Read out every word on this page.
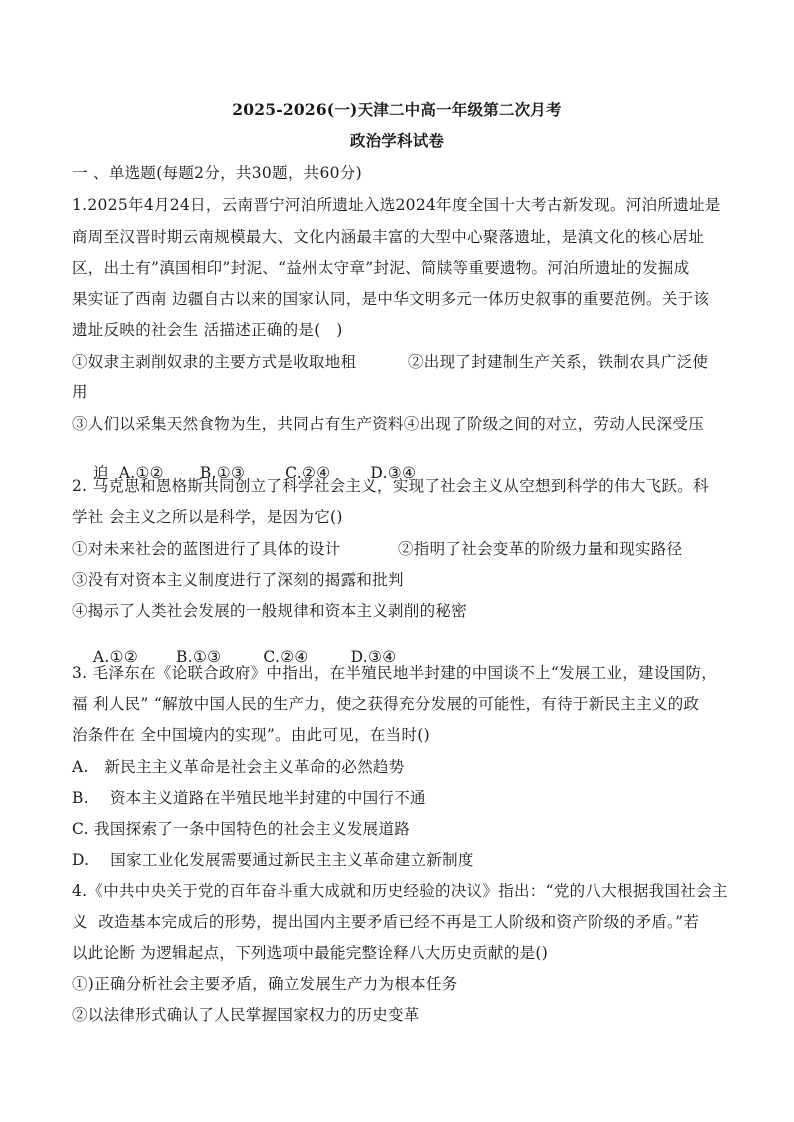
2025-2026(一)天津二中高一年级第二次月考
政治学科试卷
一 、单选题(每题2分，共30题，共60分)
1.2025年4月24日，云南晋宁河泊所遗址入选2024年度全国十大考古新发现。河泊所遗址是
商周至汉晋时期云南规模最大、文化内涵最丰富的大型中心聚落遗址，是滇文化的核心居址
区，出土有”滇国相印”封泥、“益州太守章”封泥、简牍等重要遗物。河泊所遗址的发掘成
果实证了西南 边疆自古以来的国家认同，是中华文明多元一体历史叙事的重要范例。关于该
遗址反映的社会生 活描述正确的是(   )
①奴隶主剥削奴隶的主要方式是收取地租	②出现了封建制生产关系，铁制农具广泛使
用
③人们以采集天然食物为生，共同占有生产资料④出现了阶级之间的对立，劳动人民深受压

迫 A.①② B.①③	C.②④	D.③④

2. 马克思和恩格斯共同创立了科学社会主义，实现了社会主义从空想到科学的伟大飞跃。科
学社 会主义之所以是科学，是因为它()
①对未来社会的蓝图进行了具体的设计	②指明了社会变革的阶级力量和现实路径
③没有对资本主义制度进行了深刻的揭露和批判
④揭示了人类社会发展的一般规律和资本主义剥削的秘密

A.①② B.①③	C.②④	D.③④

3. 毛泽东在《论联合政府》中指出，在半殖民地半封建的中国谈不上“发展工业，建设国防，
福 利人民” “解放中国人民的生产力，使之获得充分发展的可能性，有待于新民主主义的政
治条件在 全中国境内的实现”。由此可见，在当时()
A.   新民主主义革命是社会主义革命的必然趋势
B.    资本主义道路在半殖民地半封建的中国行不通
C. 我国探索了一条中国特色的社会主义发展道路
D.    国家工业化发展需要通过新民主主义革命建立新制度
4.《中共中央关于党的百年奋斗重大成就和历史经验的决议》指出：“党的八大根据我国社会主
义  改造基本完成后的形势，提出国内主要矛盾已经不再是工人阶级和资产阶级的矛盾。”若
以此论断 为逻辑起点，下列选项中最能完整诠释八大历史贡献的是()
①)正确分析社会主要矛盾，确立发展生产力为根本任务
②以法律形式确认了人民掌握国家权力的历史变革
